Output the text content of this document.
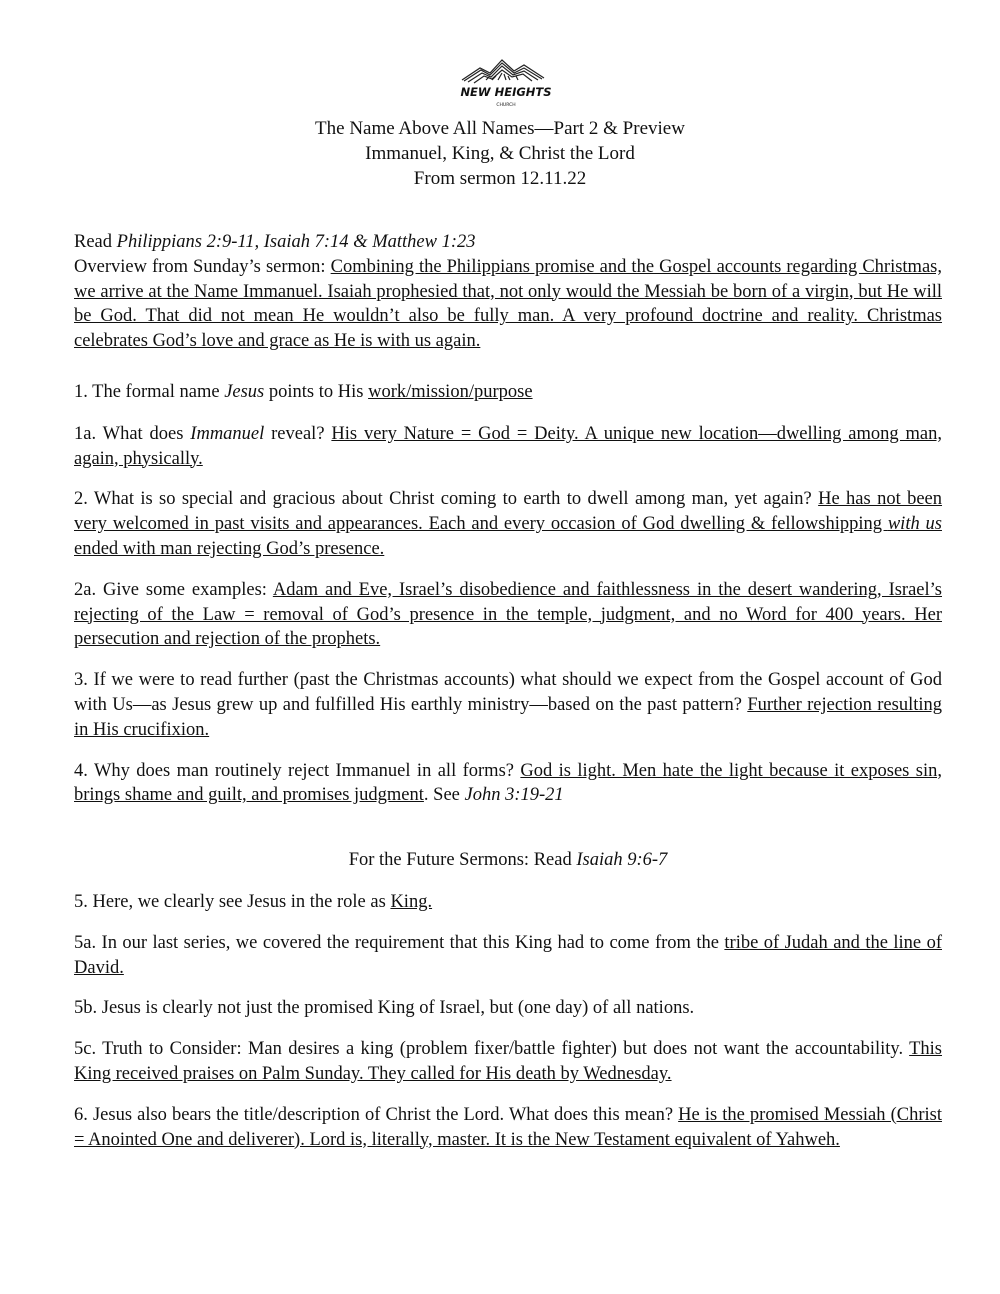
NEW HEIGHTS
CHURCH
The Name Above All Names—Part 2 & Preview
Immanuel, King, & Christ the Lord
From sermon 12.11.22

Read Philippians 2:9-11, Isaiah 7:14 & Matthew 1:23

Overview from Sunday’s sermon: Combining the Philippians promise and the Gospel accounts regarding Christmas, we arrive at the Name Immanuel. Isaiah prophesied that, not only would the Messiah be born of a virgin, but He will be God. That did not mean He wouldn’t also be fully man. A very profound doctrine and reality. Christmas celebrates God’s love and grace as He is with us again.

1. The formal name Jesus points to His work/mission/purpose

1a. What does Immanuel reveal? His very Nature = God = Deity. A unique new location—dwelling among man, again, physically.

2. What is so special and gracious about Christ coming to earth to dwell among man, yet again? He has not been very welcomed in past visits and appearances. Each and every occasion of God dwelling & fellowshipping with us ended with man rejecting God’s presence.

2a. Give some examples: Adam and Eve, Israel’s disobedience and faithlessness in the desert wandering, Israel’s rejecting of the Law = removal of God’s presence in the temple, judgment, and no Word for 400 years. Her persecution and rejection of the prophets.

3. If we were to read further (past the Christmas accounts) what should we expect from the Gospel account of God with Us—as Jesus grew up and fulfilled His earthly ministry—based on the past pattern? Further rejection resulting in His crucifixion.

4. Why does man routinely reject Immanuel in all forms? God is light. Men hate the light because it exposes sin, brings shame and guilt, and promises judgment. See John 3:19-21

For the Future Sermons: Read Isaiah 9:6-7

5. Here, we clearly see Jesus in the role as King.

5a. In our last series, we covered the requirement that this King had to come from the tribe of Judah and the line of David.

5b. Jesus is clearly not just the promised King of Israel, but (one day) of all nations.

5c. Truth to Consider: Man desires a king (problem fixer/battle fighter) but does not want the accountability. This King received praises on Palm Sunday. They called for His death by Wednesday.

6. Jesus also bears the title/description of Christ the Lord. What does this mean? He is the promised Messiah (Christ = Anointed One and deliverer). Lord is, literally, master. It is the New Testament equivalent of Yahweh.
